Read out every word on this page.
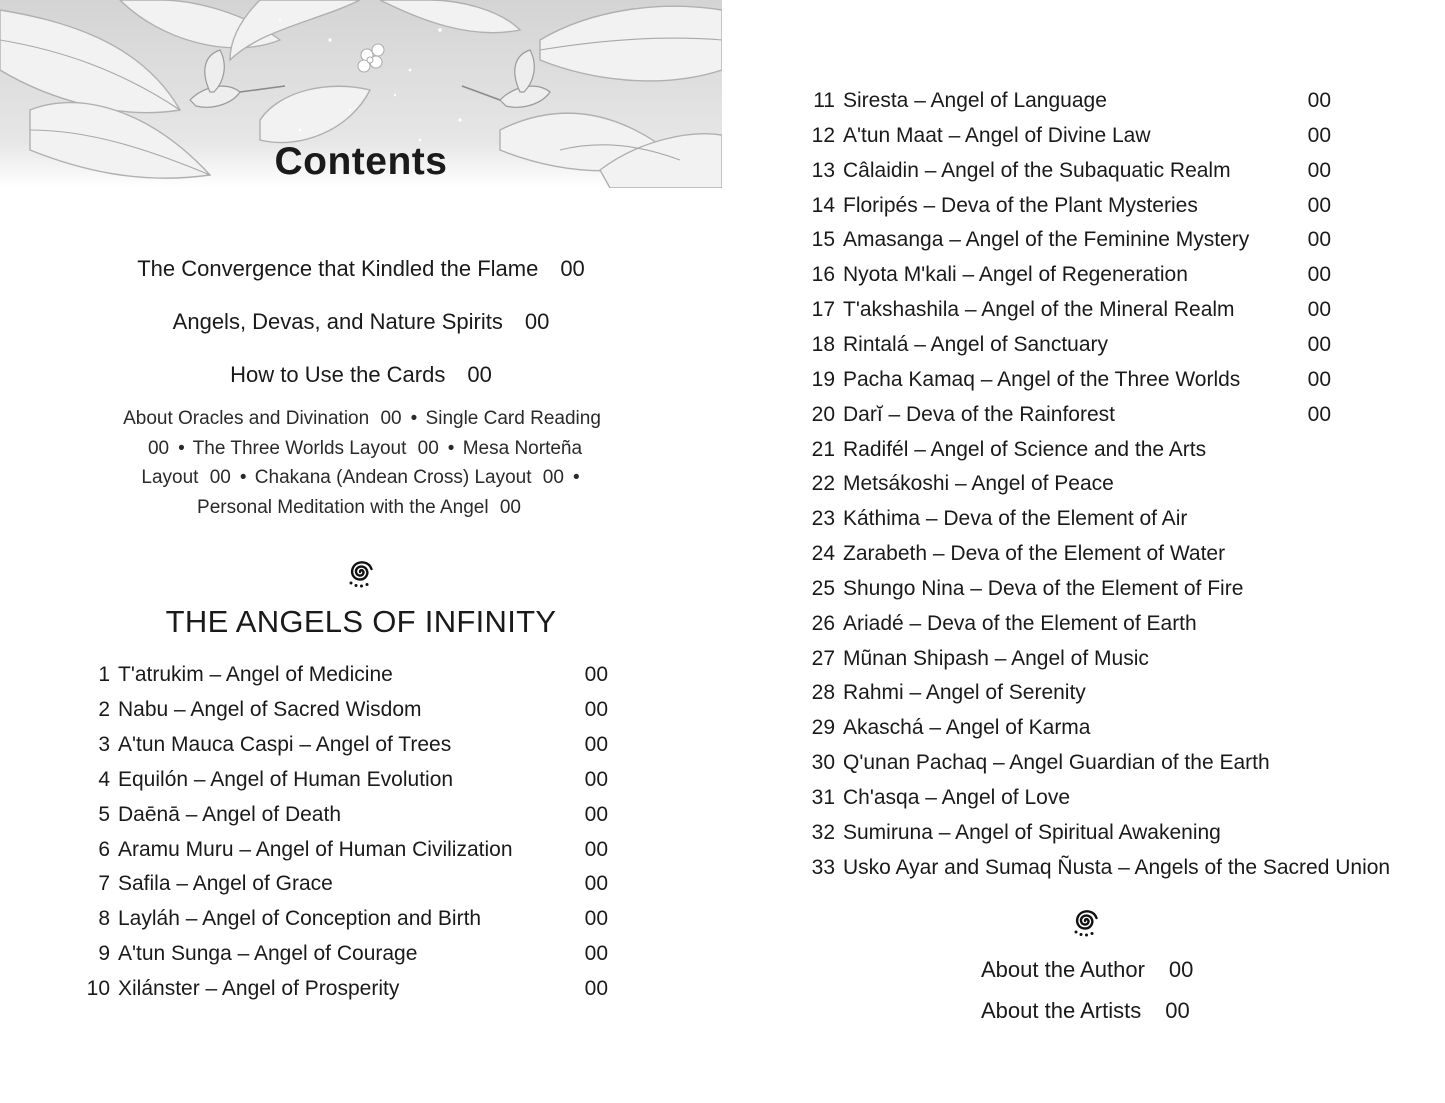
Contents
The Convergence that Kindled the Flame 00
Angels, Devas, and Nature Spirits 00
How to Use the Cards 00
About Oracles and Divination 00 • Single Card Reading 00 • The Three Worlds Layout 00 • Mesa Norteña Layout 00 • Chakana (Andean Cross) Layout 00 • Personal Meditation with the Angel 00
THE ANGELS OF INFINITY
1 T'atrukim – Angel of Medicine	00
2 Nabu – Angel of Sacred Wisdom	00
3 A'tun Mauca Caspi – Angel of Trees	00
4 Equilón – Angel of Human Evolution	00
5 Daēnā – Angel of Death	00
6 Aramu Muru – Angel of Human Civilization	00
7 Safila – Angel of Grace	00
8 Layláh – Angel of Conception and Birth	00
9 A'tun Sunga – Angel of Courage	00
10 Xilánster – Angel of Prosperity	00
11 Siresta – Angel of Language	00
12 A'tun Maat – Angel of Divine Law	00
13 Câlaidin – Angel of the Subaquatic Realm	00
14 Floripés – Deva of the Plant Mysteries	00
15 Amasanga – Angel of the Feminine Mystery	00
16 Nyota M'kali – Angel of Regeneration	00
17 T'akshashila – Angel of the Mineral Realm	00
18 Rintalá – Angel of Sanctuary	00
19 Pacha Kamaq – Angel of the Three Worlds	00
20 Darĭ – Deva of the Rainforest	00
21 Radifél – Angel of Science and the Arts
22 Metsákoshi – Angel of Peace
23 Káthima – Deva of the Element of Air
24 Zarabeth – Deva of the Element of Water
25 Shungo Nina – Deva of the Element of Fire
26 Ariadé – Deva of the Element of Earth
27 Mũnan Shipash – Angel of Music
28 Rahmi – Angel of Serenity
29 Akaschá – Angel of Karma
30 Q'unan Pachaq – Angel Guardian of the Earth
31 Ch'asqa – Angel of Love
32 Sumiruna – Angel of Spiritual Awakening
33 Usko Ayar and Sumaq Ñusta – Angels of the Sacred Union
About the Author 00
About the Artists 00
